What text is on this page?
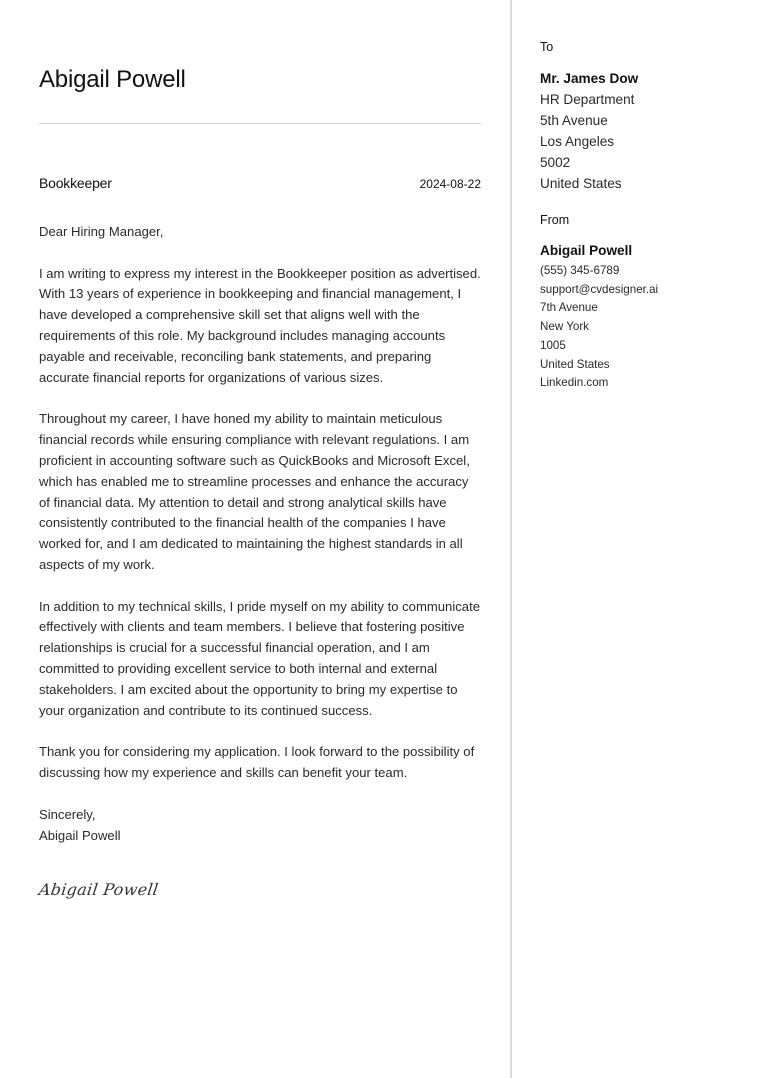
Abigail Powell
Bookkeeper	2024-08-22

Dear Hiring Manager,

I am writing to express my interest in the Bookkeeper position as advertised. With 13 years of experience in bookkeeping and financial management, I have developed a comprehensive skill set that aligns well with the requirements of this role. My background includes managing accounts payable and receivable, reconciling bank statements, and preparing accurate financial reports for organizations of various sizes.

Throughout my career, I have honed my ability to maintain meticulous financial records while ensuring compliance with relevant regulations. I am proficient in accounting software such as QuickBooks and Microsoft Excel, which has enabled me to streamline processes and enhance the accuracy of financial data. My attention to detail and strong analytical skills have consistently contributed to the financial health of the companies I have worked for, and I am dedicated to maintaining the highest standards in all aspects of my work.

In addition to my technical skills, I pride myself on my ability to communicate effectively with clients and team members. I believe that fostering positive relationships is crucial for a successful financial operation, and I am committed to providing excellent service to both internal and external stakeholders. I am excited about the opportunity to bring my expertise to your organization and contribute to its continued success.

Thank you for considering my application. I look forward to the possibility of discussing how my experience and skills can benefit your team.

Sincerely,
Abigail Powell
Abigail Powell
To
Mr. James Dow
HR Department
5th Avenue
Los Angeles
5002
United States
From
Abigail Powell
(555) 345-6789
support@cvdesigner.ai
7th Avenue
New York
1005
United States
Linkedin.com
